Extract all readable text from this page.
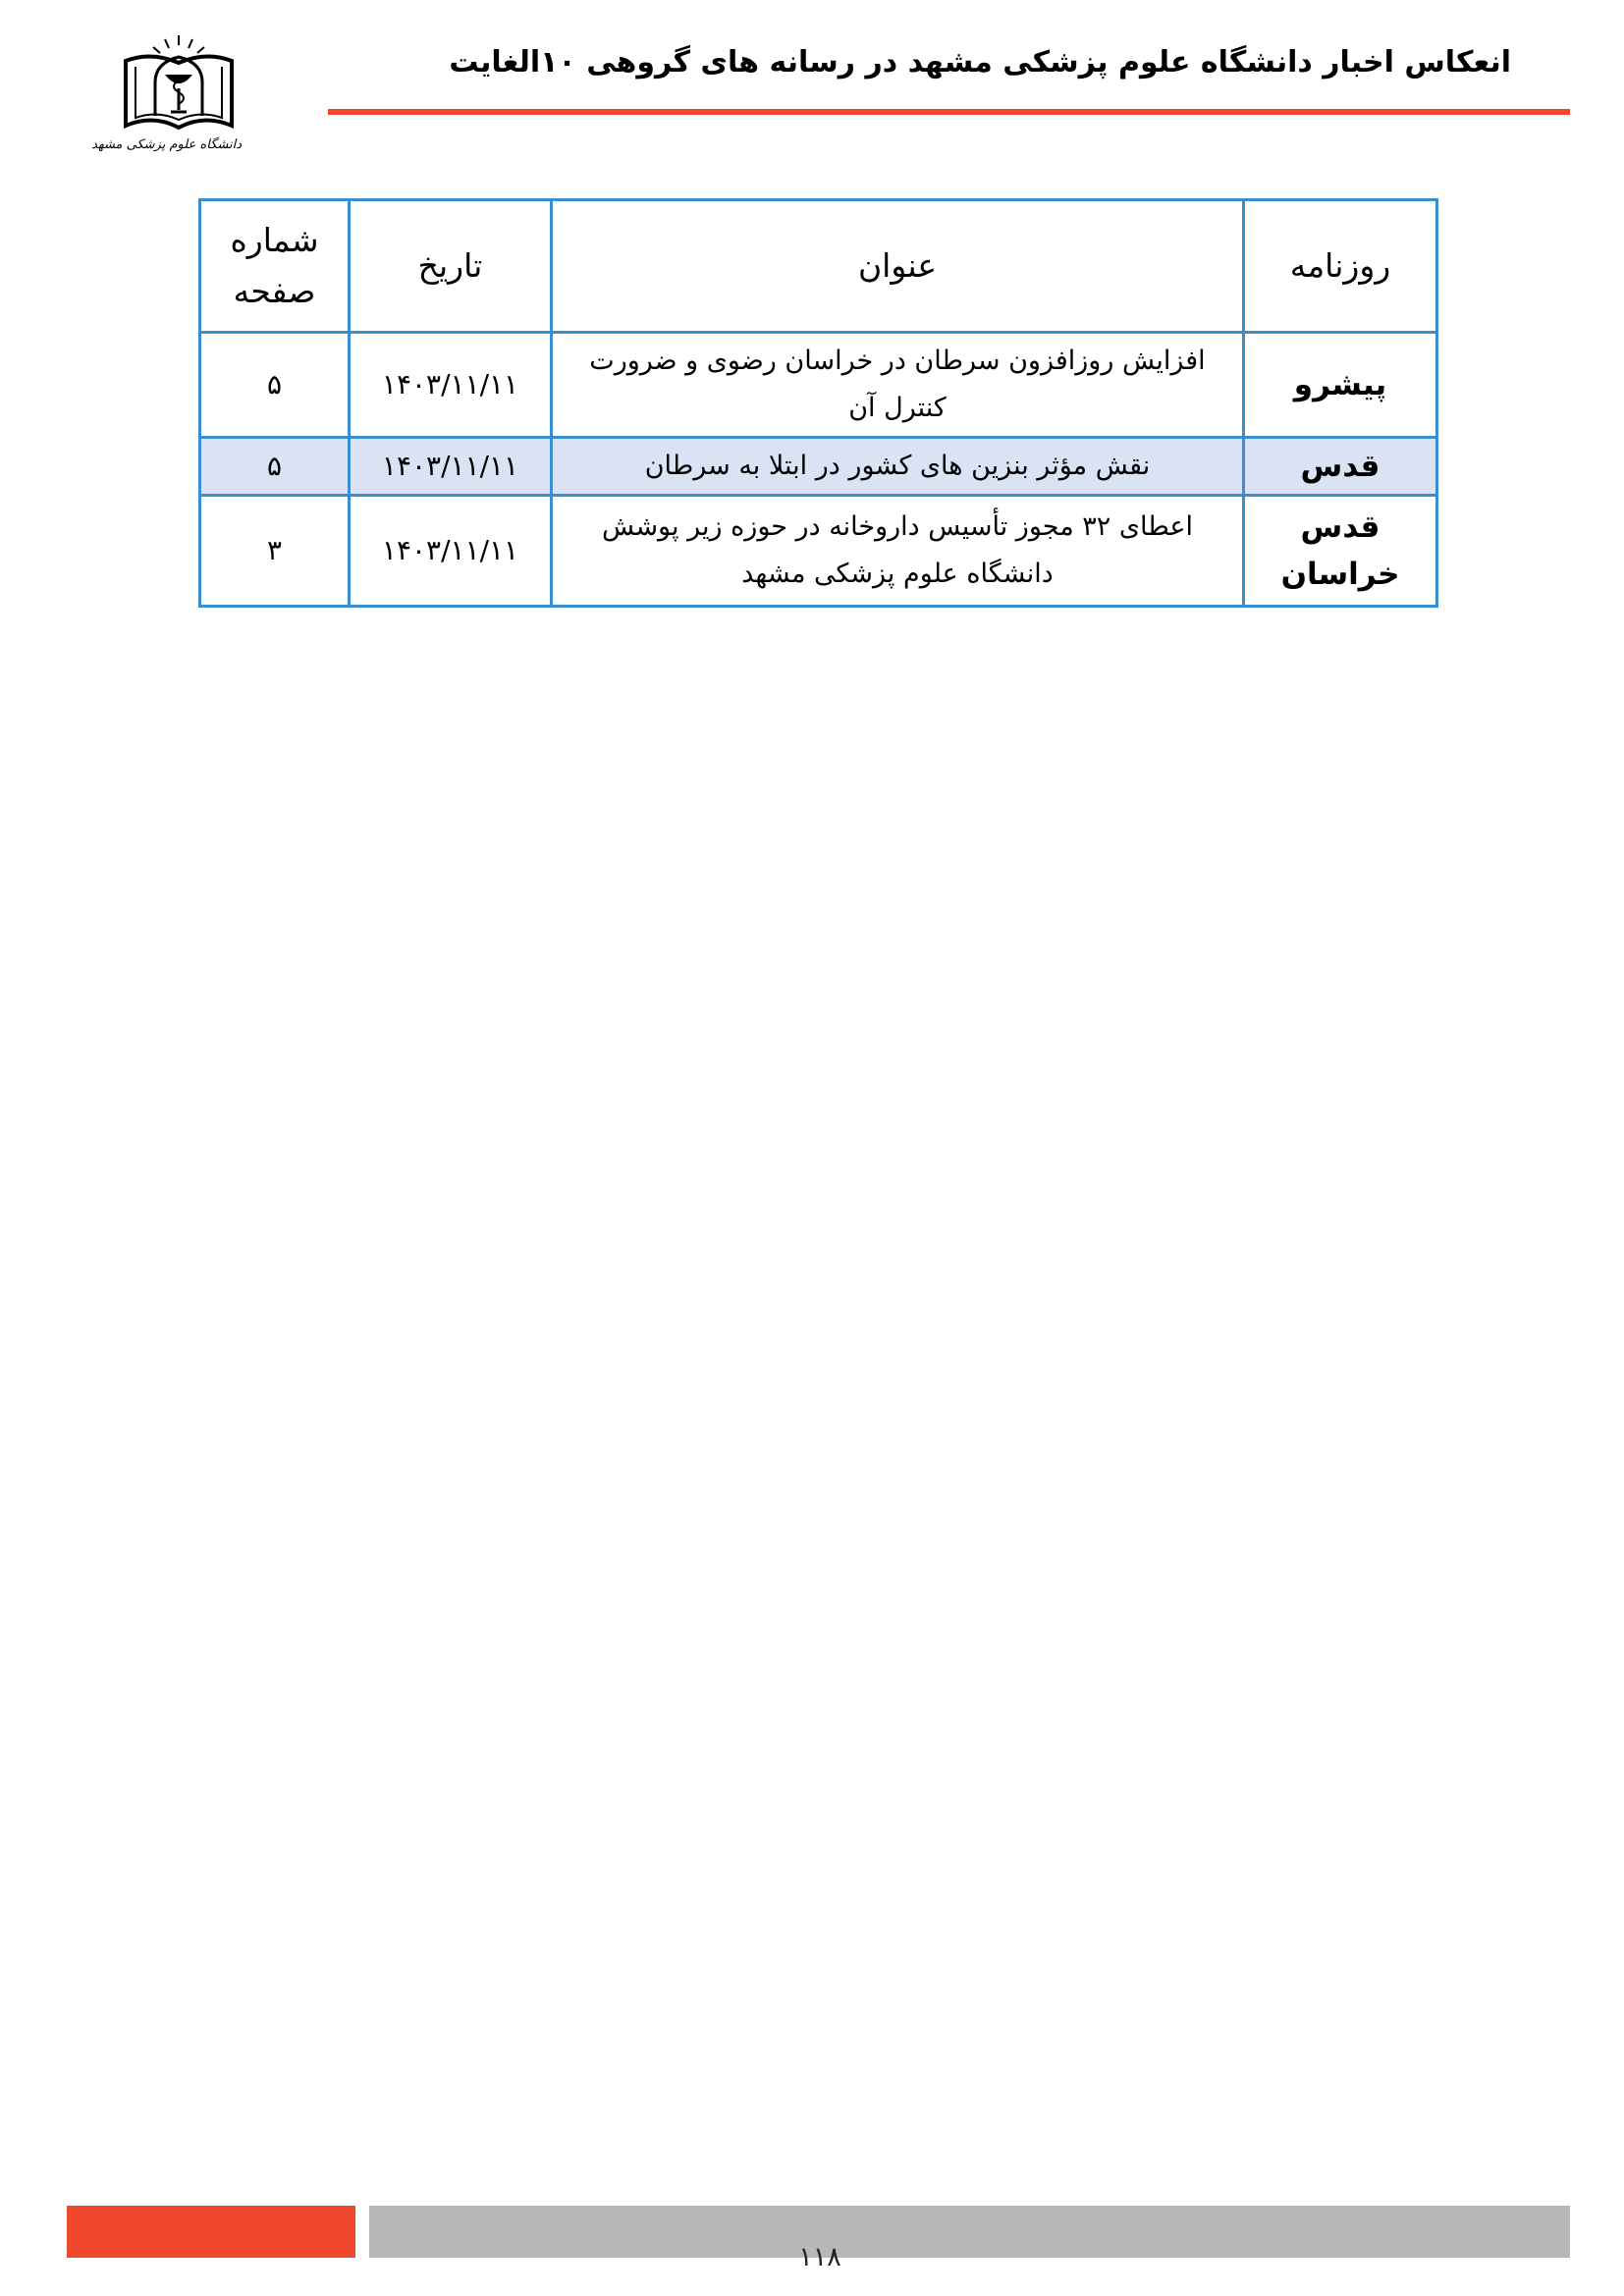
دانشگاه علوم پزشکی مشهد
انعکاس اخبار دانشگاه علوم پزشکی مشهد در رسانه های گروهی ۱۰الغایت
روزنامه	عنوان	تاریخ	شماره صفحه
پیشرو	افزایش روزافزون سرطان در خراسان رضوی و ضرورت کنترل آن	۱۴۰۳/۱۱/۱۱	۵
قدس	نقش مؤثر بنزین های کشور در ابتلا به سرطان	۱۴۰۳/۱۱/۱۱	۵
قدس خراسان	اعطای ۳۲ مجوز تأسیس داروخانه در حوزه زیر پوشش دانشگاه علوم پزشکی مشهد	۱۴۰۳/۱۱/۱۱	۳
۱۱۸
